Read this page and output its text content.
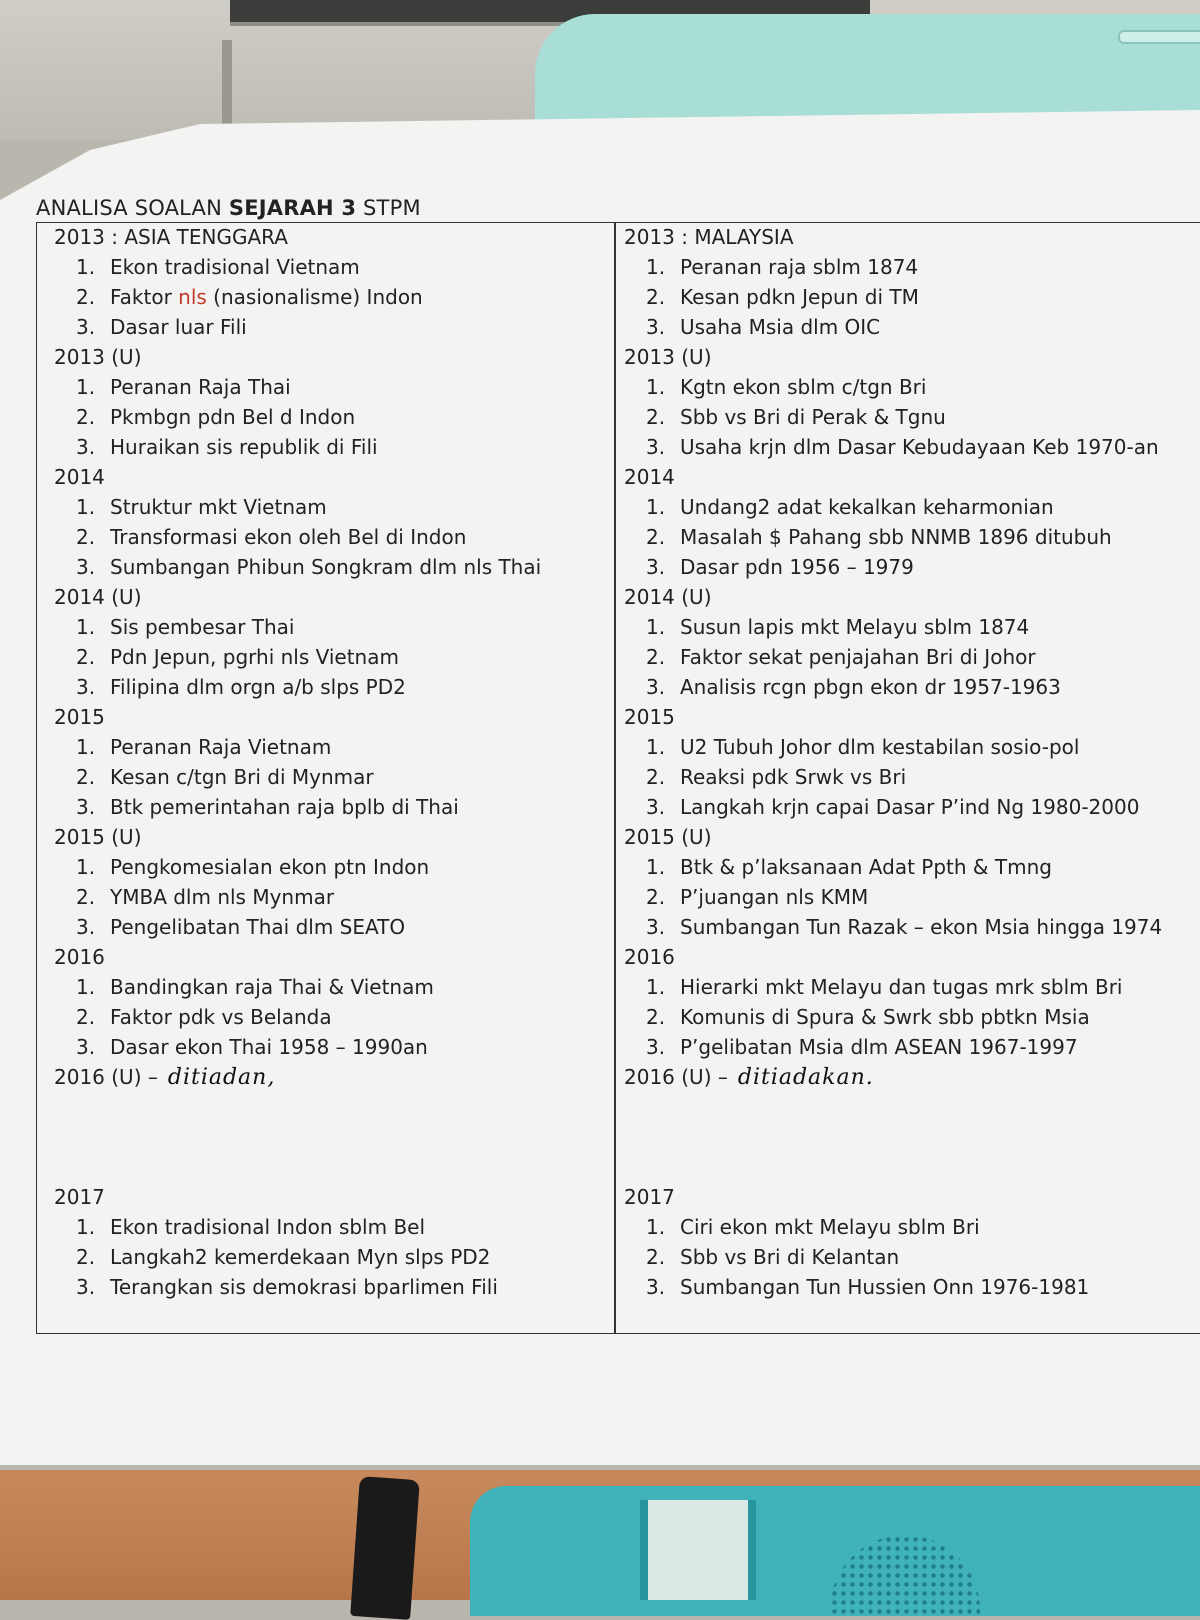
ANALISA SOALAN SEJARAH 3 STPM
2013 : ASIA TENGGARA
1. Ekon tradisional Vietnam
2. Faktor nls (nasionalisme) Indon
3. Dasar luar Fili
2013 (U)
1. Peranan Raja Thai
2. Pkmbgn pdn Bel d Indon
3. Huraikan sis republik di Fili
2014
1. Struktur mkt Vietnam
2. Transformasi ekon oleh Bel di Indon
3. Sumbangan Phibun Songkram dlm nls Thai
2014 (U)
1. Sis pembesar Thai
2. Pdn Jepun, pgrhi nls Vietnam
3. Filipina dlm orgn a/b slps PD2
2015
1. Peranan Raja Vietnam
2. Kesan c/tgn Bri di Mynmar
3. Btk pemerintahan raja bplb di Thai
2015 (U)
1. Pengkomesialan ekon ptn Indon
2. YMBA dlm nls Mynmar
3. Pengelibatan Thai dlm SEATO
2016
1. Bandingkan raja Thai & Vietnam
2. Faktor pdk vs Belanda
3. Dasar ekon Thai 1958 – 1990an
2016 (U) – ditiadan,
2017
1. Ekon tradisional Indon sblm Bel
2. Langkah2 kemerdekaan Myn slps PD2
3. Terangkan sis demokrasi bparlimen Fili
2013 : MALAYSIA
1. Peranan raja sblm 1874
2. Kesan pdkn Jepun di TM
3. Usaha Msia dlm OIC
2013 (U)
1. Kgtn ekon sblm c/tgn Bri
2. Sbb vs Bri di Perak & Tgnu
3. Usaha krjn dlm Dasar Kebudayaan Keb 1970-an
2014
1. Undang2 adat kekalkan keharmonian
2. Masalah $ Pahang sbb NNMB 1896 ditubuh
3. Dasar pdn 1956 – 1979
2014 (U)
1. Susun lapis mkt Melayu sblm 1874
2. Faktor sekat penjajahan Bri di Johor
3. Analisis rcgn pbgn ekon dr 1957-1963
2015
1. U2 Tubuh Johor dlm kestabilan sosio-pol
2. Reaksi pdk Srwk vs Bri
3. Langkah krjn capai Dasar P’ind Ng 1980-2000
2015 (U)
1. Btk & p’laksanaan Adat Ppth & Tmng
2. P’juangan nls KMM
3. Sumbangan Tun Razak – ekon Msia hingga 1974
2016
1. Hierarki mkt Melayu dan tugas mrk sblm Bri
2. Komunis di Spura & Swrk sbb pbtkn Msia
3. P’gelibatan Msia dlm ASEAN 1967-1997
2016 (U) – ditiadakan.
2017
1. Ciri ekon mkt Melayu sblm Bri
2. Sbb vs Bri di Kelantan
3. Sumbangan Tun Hussien Onn 1976-1981
